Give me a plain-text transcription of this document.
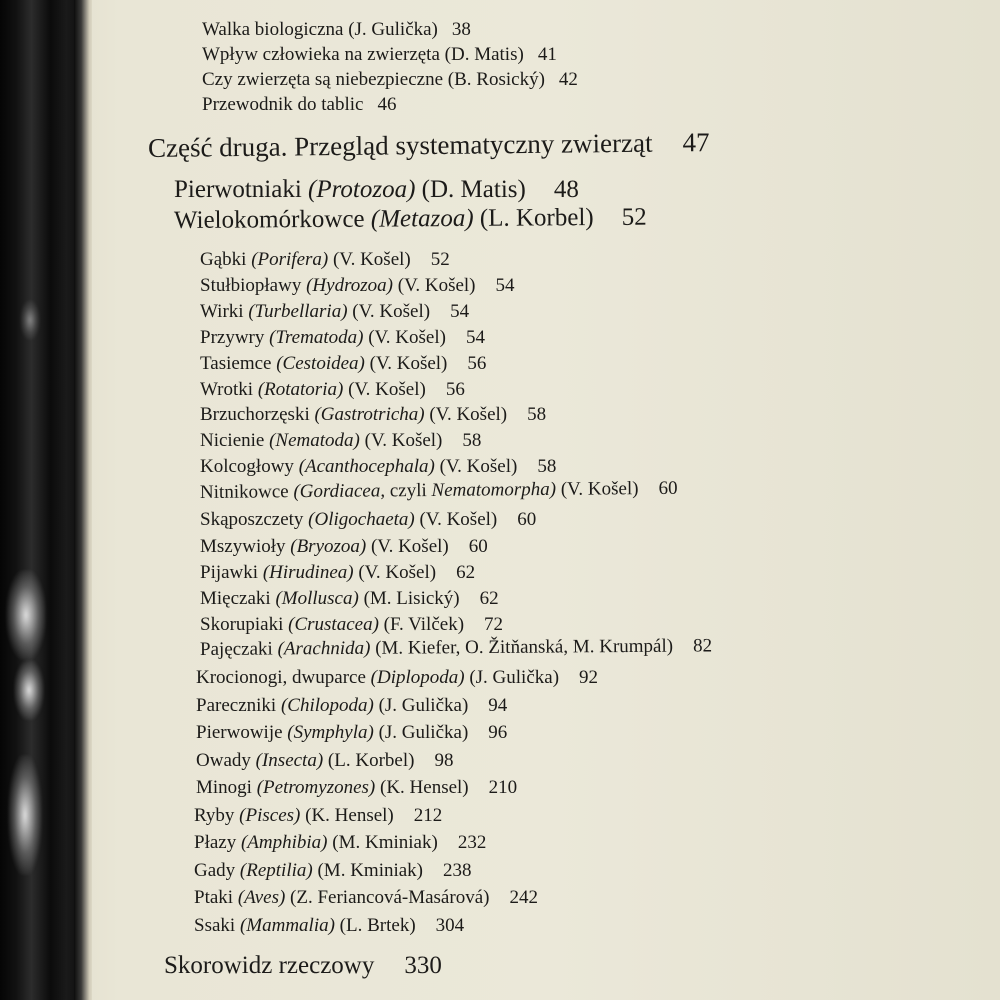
Walka biologiczna (J. Gulička) 38
Wpływ człowieka na zwierzęta (D. Matis) 41
Czy zwierzęta są niebezpieczne (B. Rosický) 42
Przewodnik do tablic 46
Część druga. Przegląd systematyczny zwierząt 47
Pierwotniaki (Protozoa) (D. Matis) 48
Wielokomórkowce (Metazoa) (L. Korbel) 52
Gąbki (Porifera) (V. Košel) 52
Stułbiopławy (Hydrozoa) (V. Košel) 54
Wirki (Turbellaria) (V. Košel) 54
Przywry (Trematoda) (V. Košel) 54
Tasiemce (Cestoidea) (V. Košel) 56
Wrotki (Rotatoria) (V. Košel) 56
Brzuchorzęski (Gastrotricha) (V. Košel) 58
Nicienie (Nematoda) (V. Košel) 58
Kolcogłowy (Acanthocephala) (V. Košel) 58
Nitnikowce (Gordiacea, czyli Nematomorpha) (V. Košel) 60
Skąposzczety (Oligochaeta) (V. Košel) 60
Mszywioły (Bryozoa) (V. Košel) 60
Pijawki (Hirudinea) (V. Košel) 62
Mięczaki (Mollusca) (M. Lisický) 62
Skorupiaki (Crustacea) (F. Vilček) 72
Pajęczaki (Arachnida) (M. Kiefer, O. Žitňanská, M. Krumpál) 82
Krocionogi, dwuparce (Diplopoda) (J. Gulička) 92
Pareczniki (Chilopoda) (J. Gulička) 94
Pierwowije (Symphyla) (J. Gulička) 96
Owady (Insecta) (L. Korbel) 98
Minogi (Petromyzones) (K. Hensel) 210
Ryby (Pisces) (K. Hensel) 212
Płazy (Amphibia) (M. Kminiak) 232
Gady (Reptilia) (M. Kminiak) 238
Ptaki (Aves) (Z. Feriancová-Masárová) 242
Ssaki (Mammalia) (L. Brtek) 304
Skorowidz rzeczowy 330
